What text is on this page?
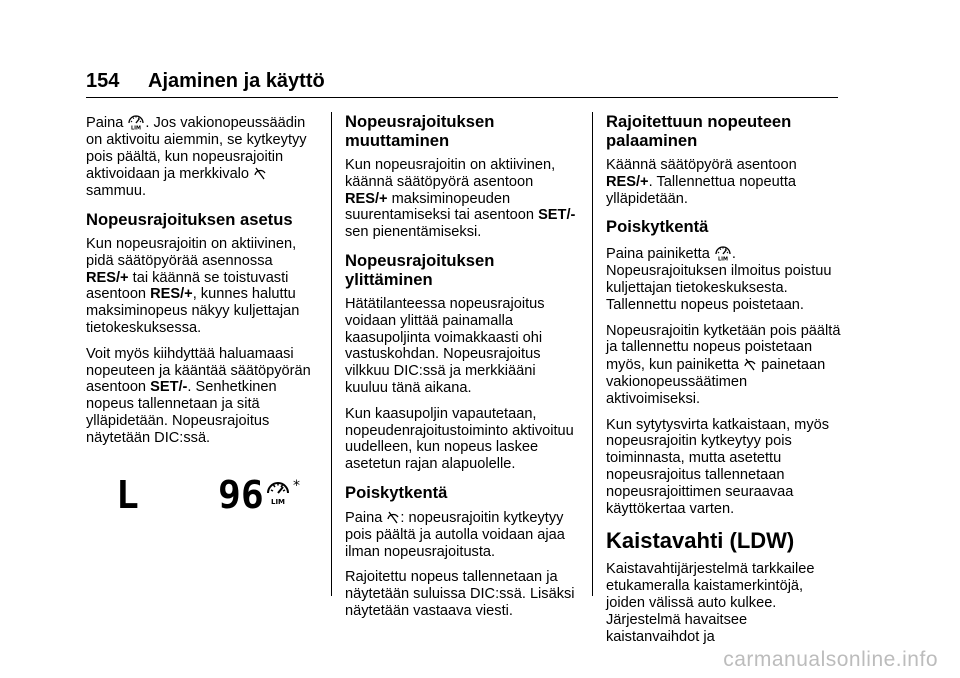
154 Ajaminen ja käyttö

Paina LIM . Jos vakionopeussäädin on aktivoitu aiemmin, se kytkeytyy pois päältä, kun nopeusrajoitin aktivoidaan ja merkkivalo  sammuu.

Nopeusrajoituksen asetus

Kun nopeusrajoitin on aktiivinen, pidä säätöpyörää asennossa RES/+ tai käännä se toistuvasti asentoon RES/+, kunnes haluttu maksiminopeus näkyy kuljettajan tietokeskuksessa.

Voit myös kiihdyttää haluamaasi nopeuteen ja kääntää säätöpyörän asentoon SET/-. Senhetkinen nopeus tallennetaan ja sitä ylläpidetään. Nopeusrajoitus näytetään DIC:ssä.

L 96 LIM
*
Nopeusrajoituksen muuttaminen

Kun nopeusrajoitin on aktiivinen, käännä säätöpyörä asentoon RES/+ maksiminopeuden suurentamiseksi tai asentoon SET/- sen pienentämiseksi.

Nopeusrajoituksen ylittäminen

Hätätilanteessa nopeusrajoitus voidaan ylittää painamalla kaasupoljinta voimakkaasti ohi vastuskohdan. Nopeusrajoitus vilkkuu DIC:ssä ja merkkiääni kuuluu tänä aikana.

Kun kaasupoljin vapautetaan, nopeudenrajoitustoiminto aktivoituu uudelleen, kun nopeus laskee asetetun rajan alapuolelle.

Poiskytkentä

Paina : nopeusrajoitin kytkeytyy pois päältä ja autolla voidaan ajaa ilman nopeusrajoitusta.

Rajoitettu nopeus tallennetaan ja näytetään suluissa DIC:ssä. Lisäksi näytetään vastaava viesti.

Rajoitettuun nopeuteen palaaminen

Käännä säätöpyörä asentoon RES/+. Tallennettua nopeutta ylläpidetään.

Poiskytkentä

Paina painiketta LIM . Nopeusrajoituksen ilmoitus poistuu kuljettajan tietokeskuksesta. Tallennettu nopeus poistetaan.

Nopeusrajoitin kytketään pois päältä ja tallennettu nopeus poistetaan myös, kun painiketta  painetaan vakionopeussäätimen aktivoimiseksi.

Kun sytytysvirta katkaistaan, myös nopeusrajoitin kytkeytyy pois toiminnasta, mutta asetettu nopeusrajoitus tallennetaan nopeusrajoittimen seuraavaa käyttökertaa varten.

Kaistavahti (LDW)

Kaistavahtijärjestelmä tarkkailee etukameralla kaistamerkintöjä, joiden välissä auto kulkee. Järjestelmä havaitsee kaistanvaihdot ja

carmanualsonline.info
